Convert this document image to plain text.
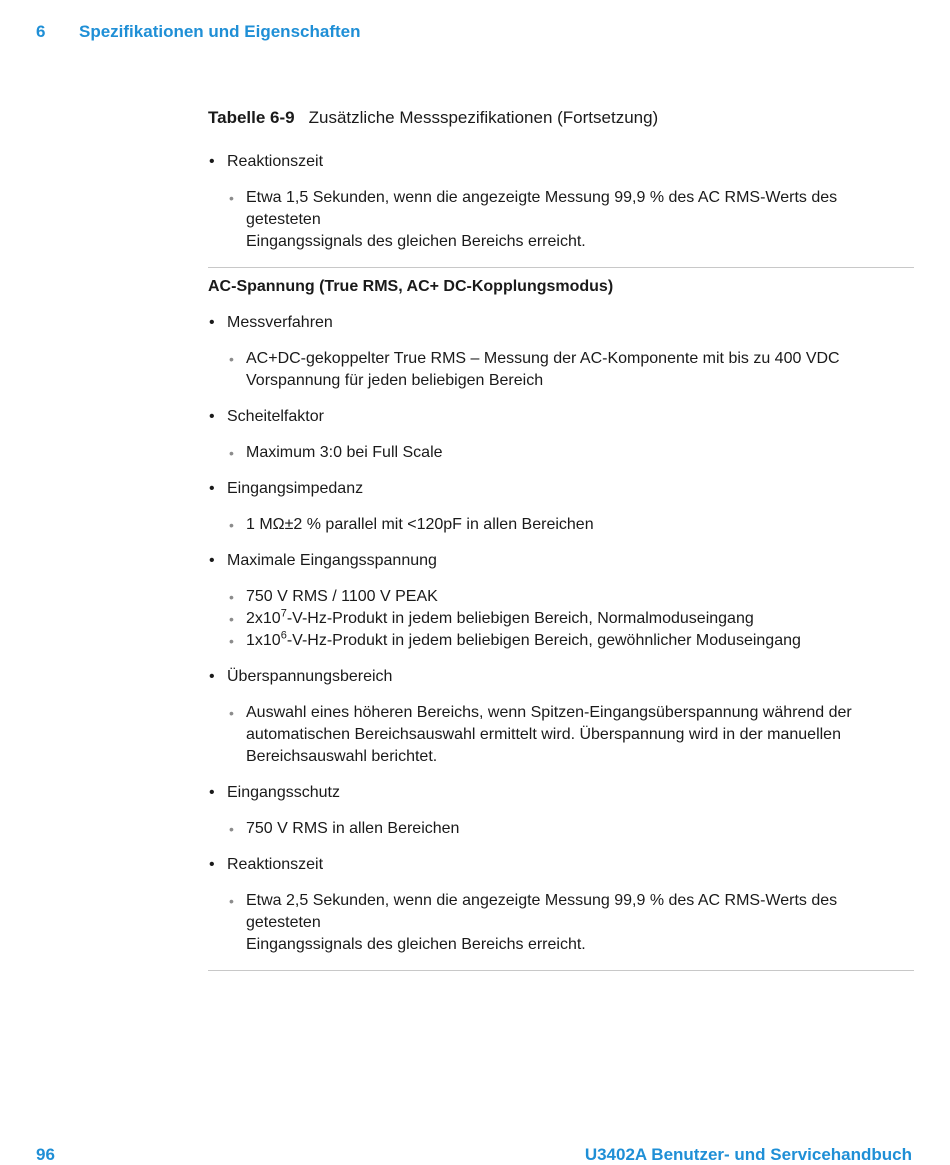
6 Spezifikationen und Eigenschaften
Tabelle 6-9 Zusätzliche Messspezifikationen (Fortsetzung)
• Reaktionszeit
• Etwa 1,5 Sekunden, wenn die angezeigte Messung 99,9 % des AC RMS-Werts des getesteten
Eingangssignals des gleichen Bereichs erreicht.
AC-Spannung (True RMS, AC+ DC-Kopplungsmodus)
• Messverfahren
• AC+DC-gekoppelter True RMS – Messung der AC-Komponente mit bis zu 400 VDC
Vorspannung für jeden beliebigen Bereich
• Scheitelfaktor
• Maximum 3:0 bei Full Scale
• Eingangsimpedanz
• 1 MΩ±2 % parallel mit <120pF in allen Bereichen
• Maximale Eingangsspannung
• 750 V RMS / 1100 V PEAK
• $2x10^7-V-Hz$-Produkt in jedem beliebigen Bereich, Normalmoduseingang
• $1x10^6-V-Hz$-Produkt in jedem beliebigen Bereich, gewöhnlicher Moduseingang
• Überspannungsbereich
• Auswahl eines höheren Bereichs, wenn Spitzen-Eingangsüberspannung während der
automatischen Bereichsauswahl ermittelt wird. Überspannung wird in der manuellen
Bereichsauswahl berichtet.
• Eingangsschutz
• 750 V RMS in allen Bereichen
• Reaktionszeit
• Etwa 2,5 Sekunden, wenn die angezeigte Messung 99,9 % des AC RMS-Werts des getesteten
Eingangssignals des gleichen Bereichs erreicht.
96	U3402A Benutzer- und Servicehandbuch
